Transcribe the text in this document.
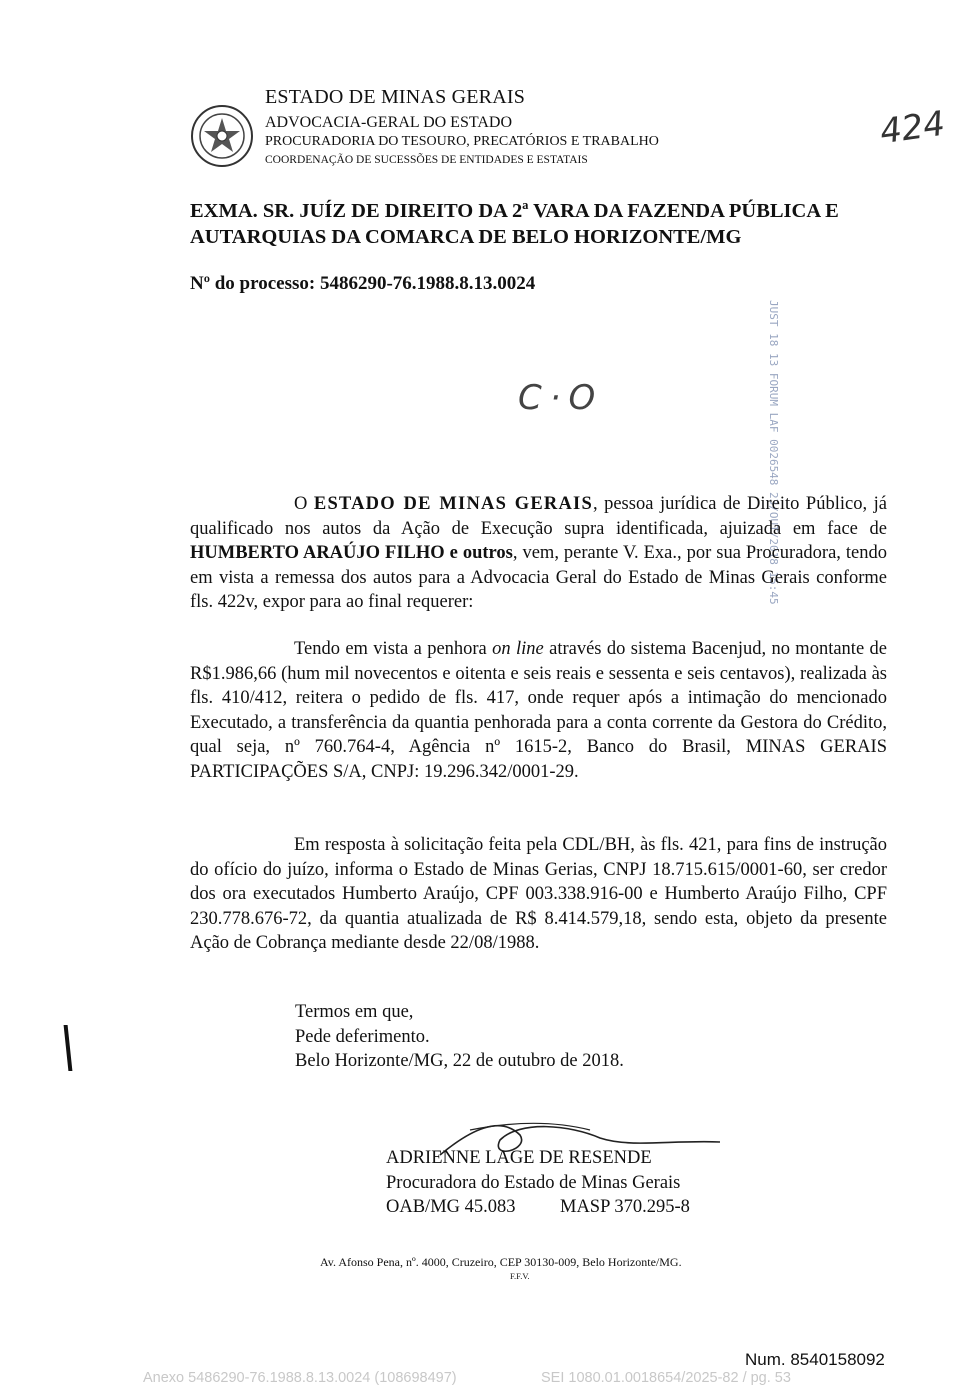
ESTADO DE MINAS GERAIS
ADVOCACIA-GERAL DO ESTADO
PROCURADORIA DO TESOURO, PRECATÓRIOS E TRABALHO
COORDENAÇÃO DE SUCESSÕES DE ENTIDADES E ESTATAIS
424
JUST 18 13 FORUM LAF 0026548 23/OUT/2018 15:45
EXMA. SR. JUÍZ DE DIREITO DA 2ª VARA DA FAZENDA PÚBLICA E AUTARQUIAS DA COMARCA DE BELO HORIZONTE/MG
Nº do processo: 5486290-76.1988.8.13.0024
C·O
O ESTADO DE MINAS GERAIS, pessoa jurídica de Direito Público, já qualificado nos autos da Ação de Execução supra identificada, ajuizada em face de HUMBERTO ARAÚJO FILHO e outros, vem, perante V. Exa., por sua Procuradora, tendo em vista a remessa dos autos para a Advocacia Geral do Estado de Minas Gerais conforme fls. 422v, expor para ao final requerer:
Tendo em vista a penhora on line através do sistema Bacenjud, no montante de R$1.986,66 (hum mil novecentos e oitenta e seis reais e sessenta e seis centavos), realizada às fls. 410/412, reitera o pedido de fls. 417, onde requer após a intimação do mencionado Executado, a transferência da quantia penhorada para a conta corrente da Gestora do Crédito, qual seja, nº 760.764-4, Agência nº 1615-2, Banco do Brasil, MINAS GERAIS PARTICIPAÇÕES S/A, CNPJ: 19.296.342/0001-29.
Em resposta à solicitação feita pela CDL/BH, às fls. 421, para fins de instrução do ofício do juízo, informa o Estado de Minas Gerias, CNPJ 18.715.615/0001-60, ser credor dos ora executados Humberto Araújo, CPF 003.338.916-00 e Humberto Araújo Filho, CPF 230.778.676-72, da quantia atualizada de R$ 8.414.579,18, sendo esta, objeto da presente Ação de Cobrança mediante desde 22/08/1988.
Termos em que,
Pede deferimento.
Belo Horizonte/MG, 22 de outubro de 2018.
ADRIENNE LAGE DE RESENDE
Procuradora do Estado de Minas Gerais
OAB/MG 45.083 MASP 370.295-8
Av. Afonso Pena, nº. 4000, Cruzeiro, CEP 30130-009, Belo Horizonte/MG.
F.F.V.
Num. 8540158092
Anexo 5486290-76.1988.8.13.0024 (108698497)	SEI 1080.01.0018654/2025-82 / pg. 53
